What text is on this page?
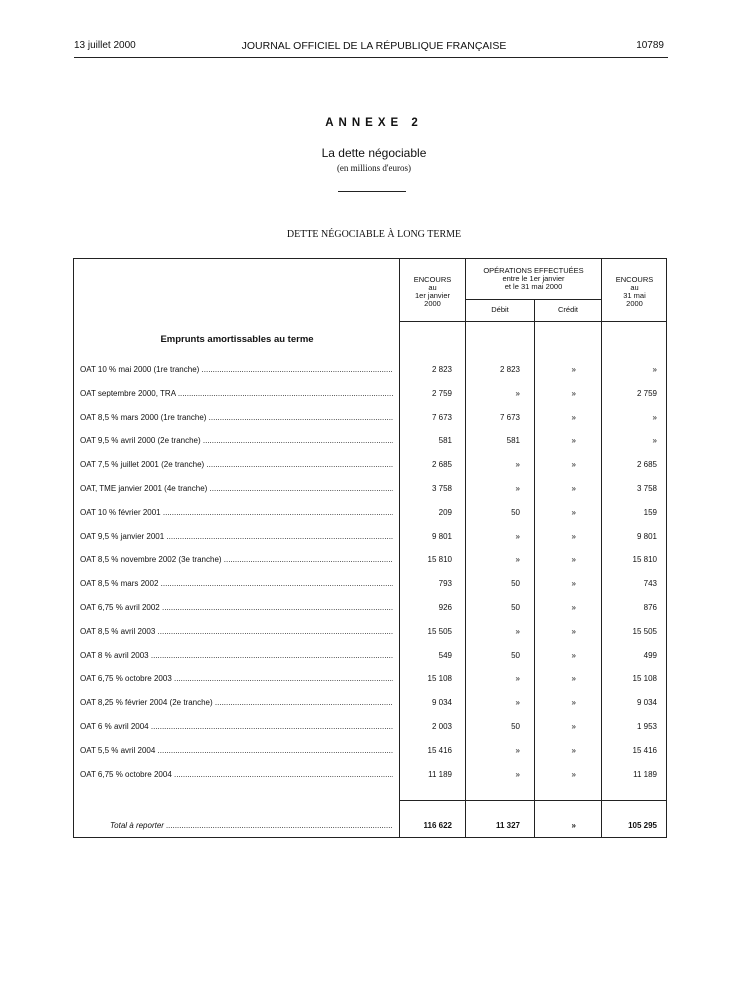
13 juillet 2000	JOURNAL OFFICIEL DE LA RÉPUBLIQUE FRANÇAISE	10789
ANNEXE 2
La dette négociable
(en millions d'euros)
DETTE NÉGOCIABLE À LONG TERME
ENCOURS
au
1er janvier
2000
OPÉRATIONS EFFECTUÉES
entre le 1er janvier
et le 31 mai 2000
Débit	Crédit
ENCOURS
au
31 mai
2000
Emprunts amortissables au terme
OAT 10 % mai 2000 (1re tranche) .....	2 823	2 823	»	»
OAT septembre 2000, TRA .....	2 759	»	»	2 759
OAT 8,5 % mars 2000 (1re tranche) .....	7 673	7 673	»	»
OAT 9,5 % avril 2000 (2e tranche) .....	581	581	»	»
OAT 7,5 % juillet 2001 (2e tranche) .....	2 685	»	»	2 685
OAT, TME janvier 2001 (4e tranche) .....	3 758	»	»	3 758
OAT 10 % février 2001 .....	209	50	»	159
OAT 9,5 % janvier 2001 .....	9 801	»	»	9 801
OAT 8,5 % novembre 2002 (3e tranche) .....	15 810	»	»	15 810
OAT 8,5 % mars 2002 .....	793	50	»	743
OAT 6,75 % avril 2002 .....	926	50	»	876
OAT 8,5 % avril 2003 .....	15 505	»	»	15 505
OAT 8 % avril 2003 .....	549	50	»	499
OAT 6,75 % octobre 2003 .....	15 108	»	»	15 108
OAT 8,25 % février 2004 (2e tranche) .....	9 034	»	»	9 034
OAT 6 % avril 2004 .....	2 003	50	»	1 953
OAT 5,5 % avril 2004 .....	15 416	»	»	15 416
OAT 6,75 % octobre 2004 .....	11 189	»	»	11 189
Total à reporter .....	116 622	11 327	»	105 295
